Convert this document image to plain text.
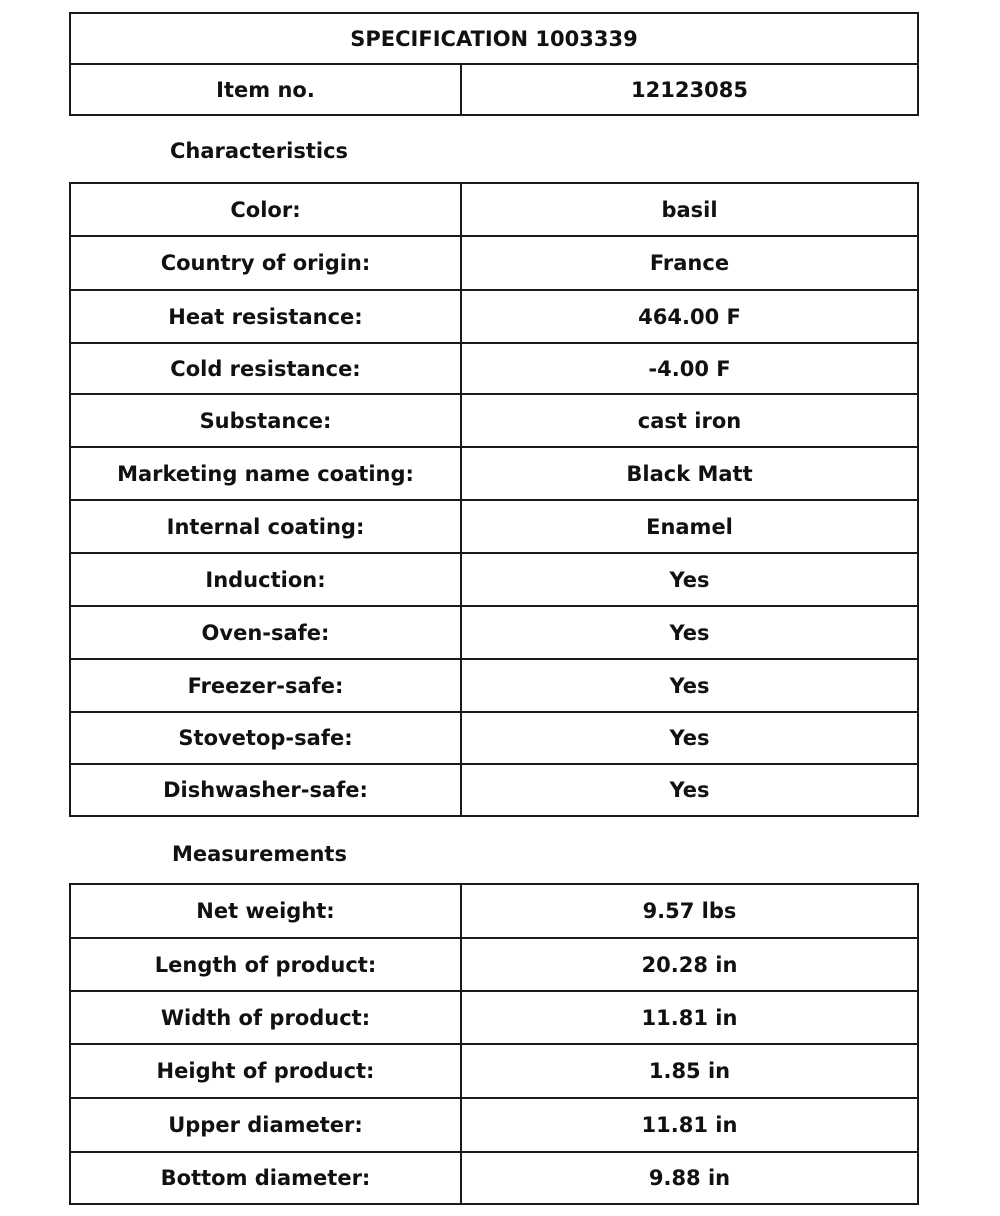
SPECIFICATION 1003339
Item no.	12123085
Characteristics
Color:	basil
Country of origin:	France
Heat resistance:	464.00 F
Cold resistance:	-4.00 F
Substance:	cast iron
Marketing name coating:	Black Matt
Internal coating:	Enamel
Induction:	Yes
Oven-safe:	Yes
Freezer-safe:	Yes
Stovetop-safe:	Yes
Dishwasher-safe:	Yes
Measurements
Net weight:	9.57 lbs
Length of product:	20.28 in
Width of product:	11.81 in
Height of product:	1.85 in
Upper diameter:	11.81 in
Bottom diameter:	9.88 in
